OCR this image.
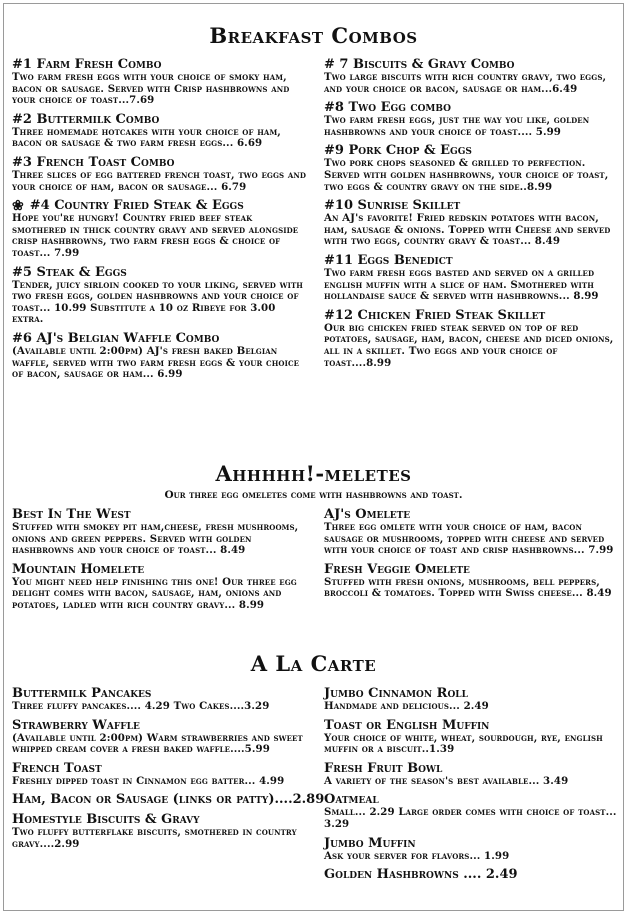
Breakfast Combos
#1 Farm Fresh Combo
Two farm fresh eggs with your choice of smoky ham, bacon or sausage. Served with Crisp hashbrowns and your choice of toast...7.69
#2 Buttermilk Combo
Three homemade hotcakes with your choice of ham, bacon or sausage & two farm fresh eggs... 6.69
#3 French Toast Combo
Three slices of egg battered french toast, two eggs and your choice of ham, bacon or sausage... 6.79
❀ #4 Country Fried Steak & Eggs
Hope you're hungry! Country fried beef steak smothered in thick country gravy and served alongside crisp hashbrowns, two farm fresh eggs & choice of toast... 7.99
#5 Steak & Eggs
Tender, juicy sirloin cooked to your liking, served with two fresh eggs, golden hashbrowns and your choice of toast... 10.99 Substitute a 10 oz Ribeye for 3.00 extra.
#6 AJ's Belgian Waffle Combo
(Available until 2:00pm) AJ's fresh baked Belgian waffle, served with two farm fresh eggs & your choice of bacon, sausage or ham... 6.99
# 7 Biscuits & Gravy Combo
Two large biscuits with rich country gravy, two eggs, and your choice or bacon, sausage or ham...6.49
#8 Two Egg combo
Two farm fresh eggs, just the way you like, golden hashbrowns and your choice of toast.... 5.99
#9 Pork Chop & Eggs
Two pork chops seasoned & grilled to perfection. Served with golden hashbrowns, your choice of toast, two eggs & country gravy on the side..8.99
#10 Sunrise Skillet
An AJ's favorite! Fried redskin potatoes with bacon, ham, sausage & onions. Topped with Cheese and served with two eggs, country gravy & toast... 8.49
#11 Eggs Benedict
Two farm fresh eggs basted and served on a grilled english muffin with a slice of ham. Smothered with hollandaise sauce & served with hashbrowns... 8.99
#12 Chicken Fried Steak Skillet
Our big chicken fried steak served on top of red potatoes, sausage, ham, bacon, cheese and diced onions, all in a skillet. Two eggs and your choice of toast....8.99
Ahhhhh!-meletes
Our three egg omeletes come with hashbrowns and toast.
Best In The West
Stuffed with smokey pit ham,cheese, fresh mushrooms, onions and green peppers. Served with golden hashbrowns and your choice of toast... 8.49
Mountain Homelete
You might need help finishing this one! Our three egg delight comes with bacon, sausage, ham, onions and potatoes, ladled with rich country gravy... 8.99
AJ's Omelete
Three egg omlete with your choice of ham, bacon sausage or mushrooms, topped with cheese and served with your choice of toast and crisp hashbrowns... 7.99
Fresh Veggie Omelete
Stuffed with fresh onions, mushrooms, bell peppers, broccoli & tomatoes. Topped with Swiss cheese... 8.49
A La Carte
Buttermilk Pancakes
Three fluffy pancakes.... 4.29 Two Cakes....3.29
Strawberry Waffle
(Available until 2:00pm) Warm strawberries and sweet whipped cream cover a fresh baked waffle....5.99
French Toast
Freshly dipped toast in Cinnamon egg batter... 4.99
Ham, Bacon or Sausage (links or patty)....2.89
Homestyle Biscuits & Gravy
Two fluffy butterflake biscuits, smothered in country gravy....2.99
Jumbo Cinnamon Roll
Handmade and delicious... 2.49
Toast or English Muffin
Your choice of white, wheat, sourdough, rye, english muffin or a biscuit..1.39
Fresh Fruit Bowl
A variety of the season's best available... 3.49
Oatmeal
Small... 2.29 Large order comes with choice of toast... 3.29
Jumbo Muffin
Ask your server for flavors... 1.99
Golden Hashbrowns .... 2.49
